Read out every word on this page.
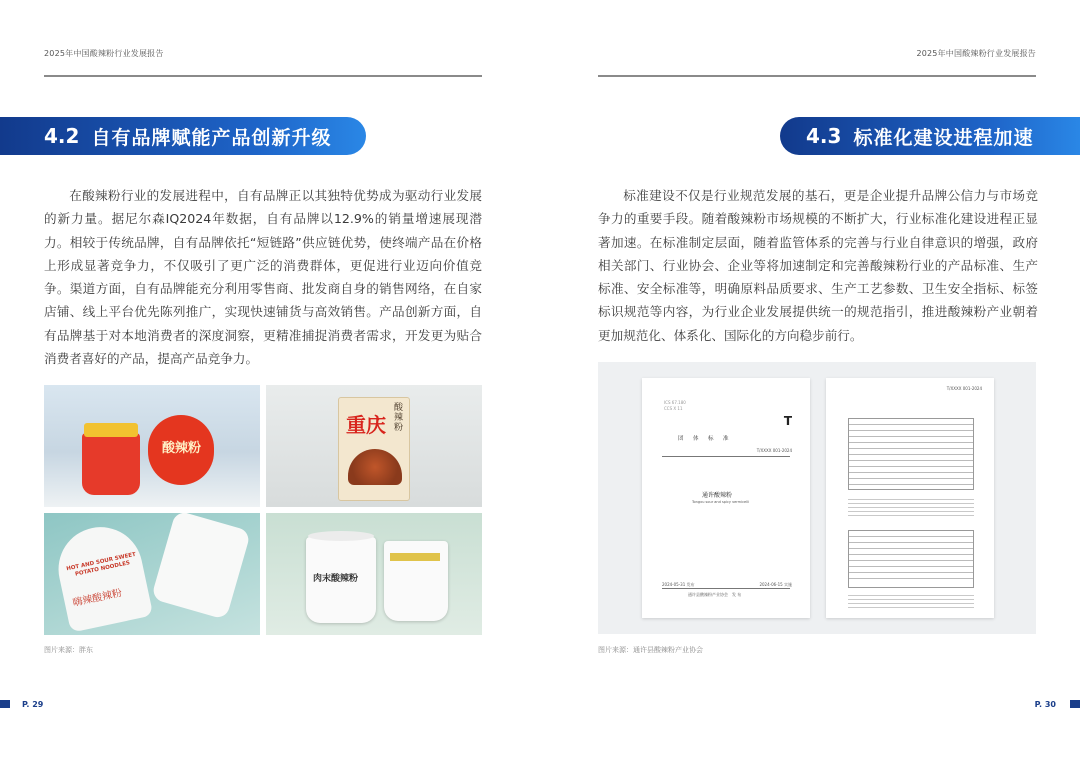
2025年中国酸辣粉行业发展报告
4.2 自有品牌赋能产品创新升级

在酸辣粉行业的发展进程中，自有品牌正以其独特优势成为驱动行业发展的新力量。据尼尔森IQ2024年数据，自有品牌以12.9%的销量增速展现潜力。相较于传统品牌，自有品牌依托“短链路”供应链优势，使终端产品在价格上形成显著竞争力，不仅吸引了更广泛的消费群体，更促进行业迈向价值竞争。渠道方面，自有品牌能充分利用零售商、批发商自身的销售网络，在自家店铺、线上平台优先陈列推广，实现快速铺货与高效销售。产品创新方面，自有品牌基于对本地消费者的深度洞察，更精准捕捉消费者需求，开发更为贴合消费者喜好的产品，提高产品竞争力。

酸辣粉
重庆
酸辣粉
HOT AND SOUR SWEET POTATO NOODLES
嗨辣酸辣粉
肉末酸辣粉
图片来源：胖东
P. 29
2025年中国酸辣粉行业发展报告
4.3 标准化建设进程加速

标准建设不仅是行业规范发展的基石，更是企业提升品牌公信力与市场竞争力的重要手段。随着酸辣粉市场规模的不断扩大，行业标准化建设进程正显著加速。在标准制定层面，随着监管体系的完善与行业自律意识的增强，政府相关部门、行业协会、企业等将加速制定和完善酸辣粉行业的产品标准、生产标准、安全标准等，明确原料品质要求、生产工艺参数、卫生安全指标、标签标识规范等内容，为行业企业发展提供统一的规范指引，推进酸辣粉产业朝着更加规范化、体系化、国际化的方向稳步前行。

ICS 67.180
CCS X 11
T
团　体　标　准
T/XXXX 001-2024
通许酸辣粉
Tongxu sour and spicy vermicelli
2024-05-31 发布	2024-06-15 实施
通许县酸辣粉产业协会　发 布
T/XXXX 001-2024
图片来源：通许县酸辣粉产业协会
P. 30
